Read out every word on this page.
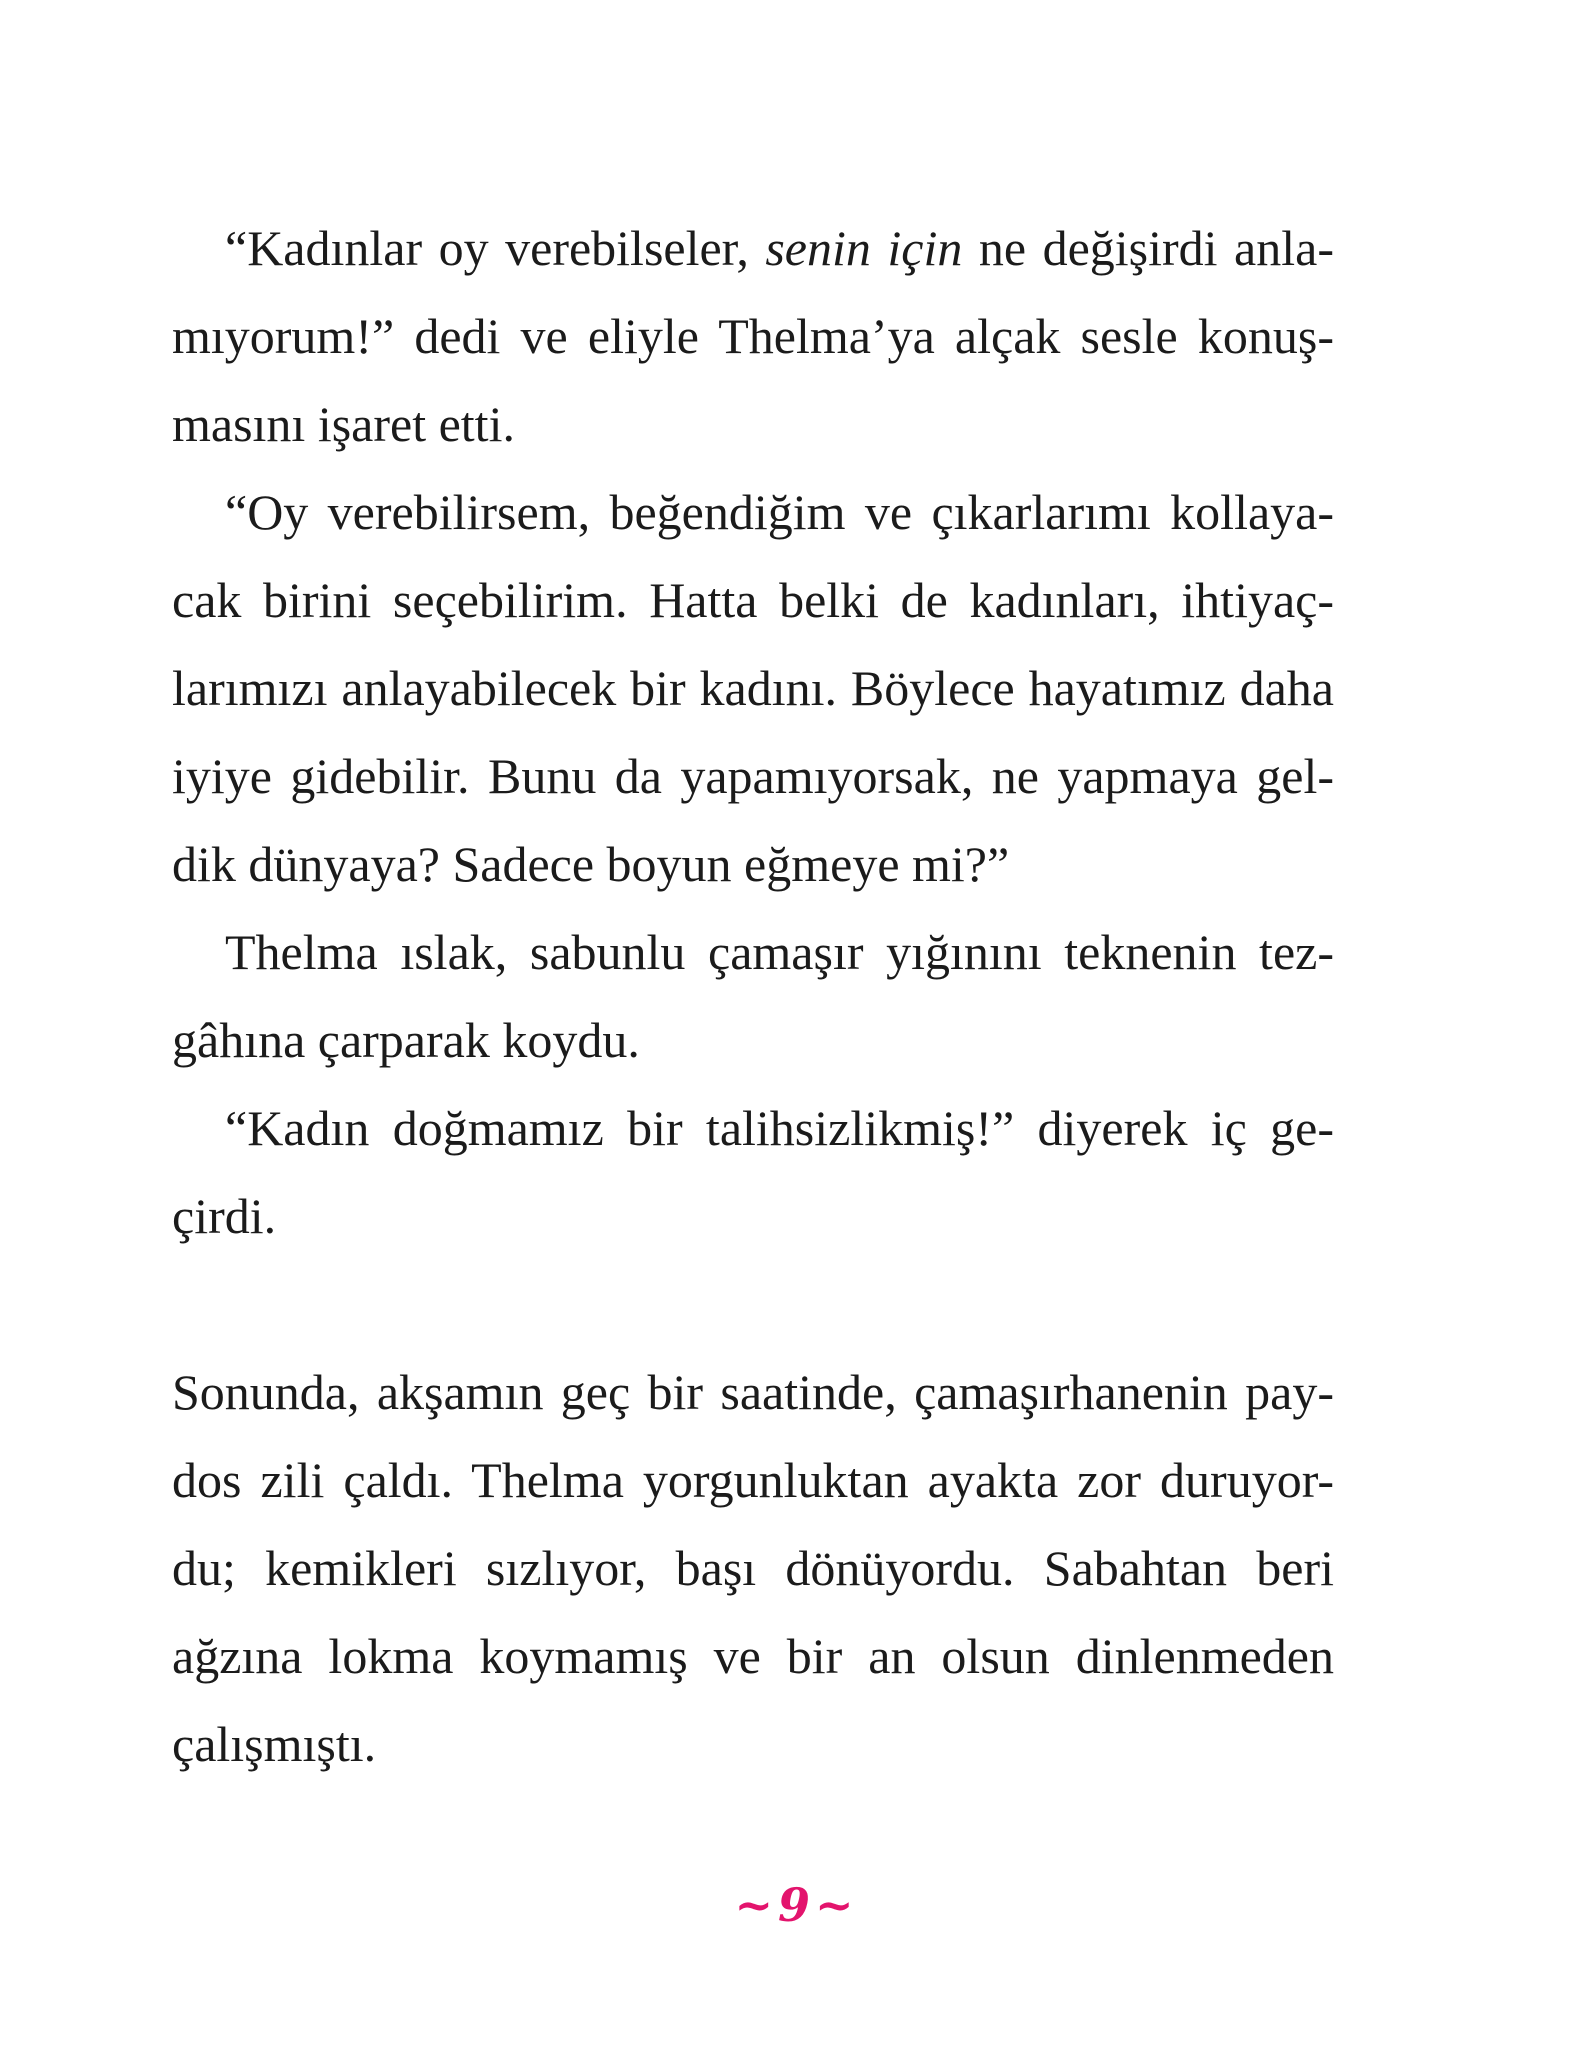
“Kadınlar oy verebilseler, senin için ne değişirdi anla-
mıyorum!” dedi ve eliyle Thelma’ya alçak sesle konuş-
masını işaret etti.
“Oy verebilirsem, beğendiğim ve çıkarlarımı kollaya-
cak birini seçebilirim. Hatta belki de kadınları, ihtiyaç-
larımızı anlayabilecek bir kadını. Böylece hayatımız daha
iyiye gidebilir. Bunu da yapamıyorsak, ne yapmaya gel-
dik dünyaya? Sadece boyun eğmeye mi?”
Thelma ıslak, sabunlu çamaşır yığınını teknenin tez-
gâhına çarparak koydu.
“Kadın doğmamız bir talihsizlikmiş!” diyerek iç ge-
çirdi.
Sonunda, akşamın geç bir saatinde, çamaşırhanenin pay-
dos zili çaldı. Thelma yorgunluktan ayakta zor duruyor-
du; kemikleri sızlıyor, başı dönüyordu. Sabahtan beri
ağzına lokma koymamış ve bir an olsun dinlenmeden
çalışmıştı.
~9~
